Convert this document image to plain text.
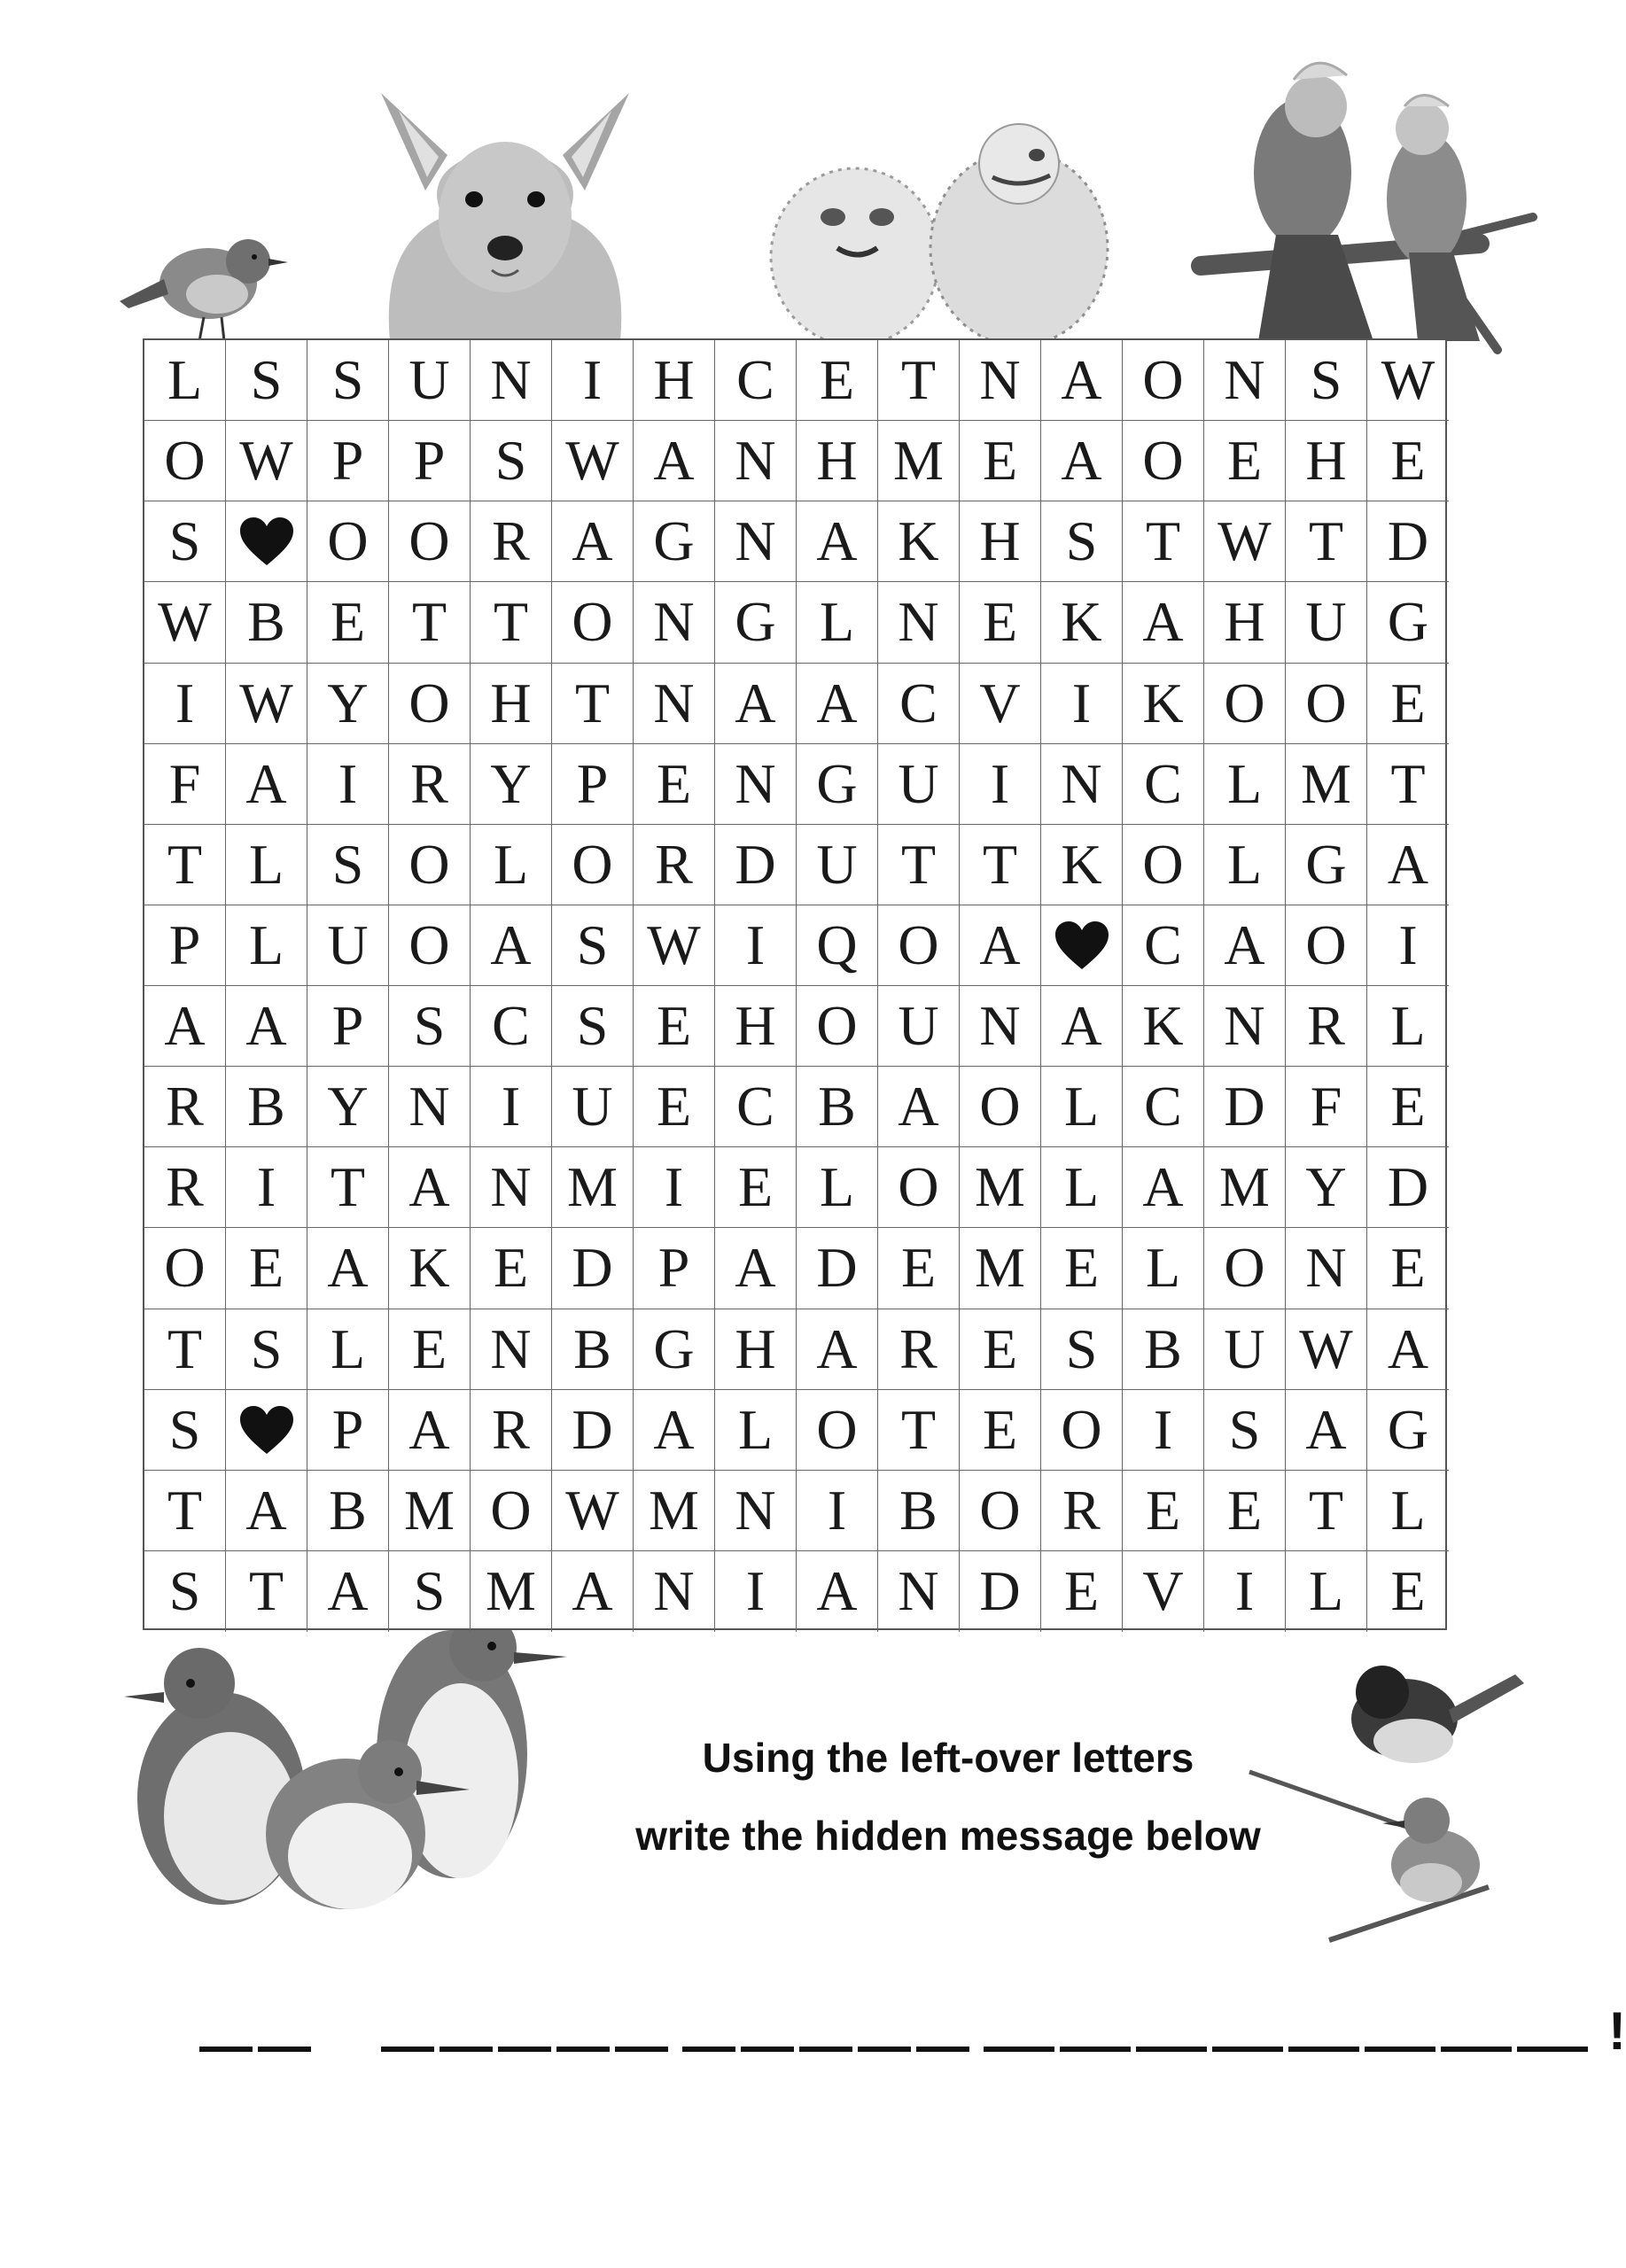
L S S U N I H C E T N A O N S W
O W P P S W A N H M E A O E H E
S	O O R A G N A K H S T W T D
W B E T T O N G L N E K A H U G
I W Y O H T N A A C V I K O O E
F A I R Y P E N G U I N C L M T
T L S O L O R D U T T K O L G A
P L U O A S W I Q O A	C A O I
A A P S C S E H O U N A K N R L
R B Y N I U E C B A O L C D F E
R I T A N M I E L O M L A M Y D
O E A K E D P A D E M E L O N E
T S L E N B G H A R E S B U W A
S	P A R D A L O T E O I S A G
T A B M O W M N I B O R E E T L
S T A S M A N I A N D E V I L E
Using the left-over letters
write the hidden message below
!
